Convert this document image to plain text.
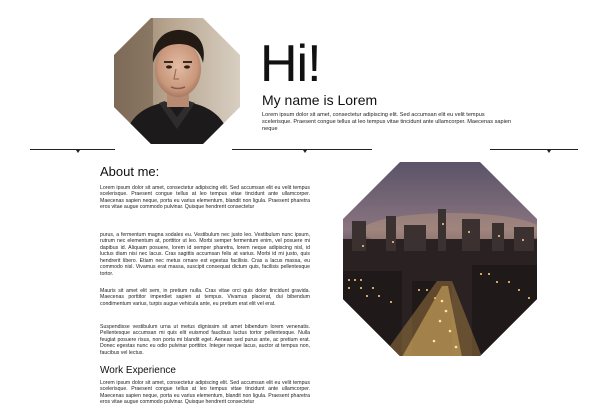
Hi!
My name is Lorem
Lorem ipsum dolor sit amet, consectetur adipiscing elit. Sed accumsan elit eu velit tempus scelerisque. Praesent congue tellus at leo tempus vitae tincidunt ante ullamcorper. Maecenas sapien neque
About me:
Lorem ipsum dolor sit amet, consectetur adipiscing elit. Sed accumsan elit eu velit tempus scelerisque. Praesent congue tellus at leo tempus vitae tincidunt ante ullamcorper. Maecenas sapien neque, porta eu varius elementum, blandit non ligula. Praesent pharetra eros vitae augue commodo pulvinar. Quisque hendrerit consectetur
purus, a fermentum magna sodales eu. Vestibulum nec justo leo. Vestibulum nunc ipsum, rutrum nec elementum at, porttitor ut leo. Morbi semper fermentum enim, vel posuere mi dapibus id. Aliquam posuere, lorem id semper pharetra, lorem neque adipiscing nisl, id luctus diam nisi nec lacus. Cras sagittis accumsan felis at varius. Morbi id mi justo, quis hendrerit libero. Etiam nec metus ornare est egestas facilisis. Cras a lacus massa, eu commodo nisl. Vivamus erat massa, suscipit consequat dictum quis, facilisis pellentesque tortor.
Mauris sit amet elit sem, in pretium nulla. Cras vitae orci quis dolor tincidunt gravida. Maecenas porttitor imperdiet sapien at tempus. Vivamus placerat, dui bibendum condimentum varius, turpis augue vehicula ante, eu pretium erat elit vel erat.
Suspendisse vestibulum urna ut metus dignissim sit amet bibendum lorem venenatis. Pellentesque accumsan mi quis elit euismod faucibus luctus tortor pellentesque. Nulla feugiat posuere risus, non porta mi blandit eget. Aenean sed purus ante, ac pretium erat. Donec egestas nunc eu odio pulvinar porttitor. Integer neque lacus, auctor at tempus non, faucibus vel lectus.
Work Experience
Lorem ipsum dolor sit amet, consectetur adipiscing elit. Sed accumsan elit eu velit tempus scelerisque. Praesent congue tellus at leo tempus vitae tincidunt ante ullamcorper. Maecenas sapien neque, porta eu varius elementum, blandit non ligula. Praesent pharetra eros vitae augue commodo pulvinar. Quisque hendrerit consectetur
